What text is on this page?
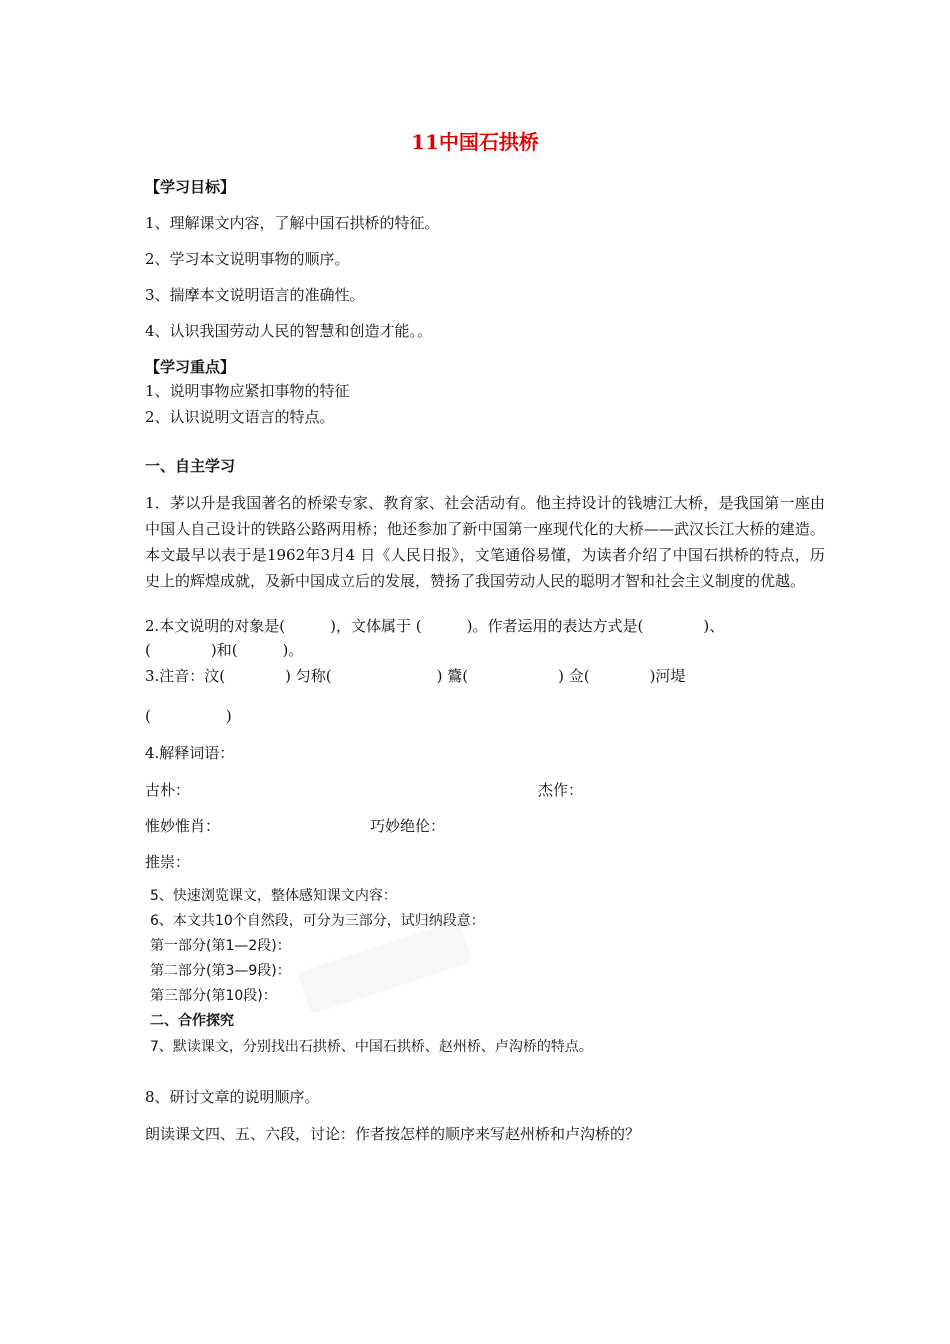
11中国石拱桥
【学习目标】
1、理解课文内容，了解中国石拱桥的特征。
2、学习本文说明事物的顺序。
3、揣摩本文说明语言的准确性。
4、认识我国劳动人民的智慧和创造才能。。
【学习重点】
1、说明事物应紧扣事物的特征
2、认识说明文语言的特点。
一、自主学习
1．茅以升是我国著名的桥梁专家、教育家、社会活动有。他主持设计的钱塘江大桥，是我国第一座由中国人自己设计的铁路公路两用桥；他还参加了新中国第一座现代化的大桥——武汉长江大桥的建造。本文最早以表于是1962年3月4 日《人民日报》，文笔通俗易懂，为读者介绍了中国石拱桥的特点，历史上的辉煌成就，及新中国成立后的发展，赞扬了我国劳动人民的聪明才智和社会主义制度的优越。
2.本文说明的对象是(　　　)，文体属于 (　　　)。作者运用的表达方式是(　　　　)、
(　　　　)和(　　　)。
3.注音：汶(　　　　) 匀称(　　　　　　　) 鷟(　　　　　　) 佥(　　　　)河堤
(　　　　　)
4.解释词语：
古朴：	杰作：
惟妙惟肖：	巧妙绝伦：
推崇：
5、快速浏览课文，整体感知课文内容：
6、本文共10个自然段，可分为三部分，试归纳段意：
第一部分(第1—2段)：
第二部分(第3—9段)：
第三部分(第10段)：
二、合作探究
7、默读课文，分别找出石拱桥、中国石拱桥、赵州桥、卢沟桥的特点。
8、研讨文章的说明顺序。
朗读课文四、五、六段，讨论：作者按怎样的顺序来写赵州桥和卢沟桥的？
